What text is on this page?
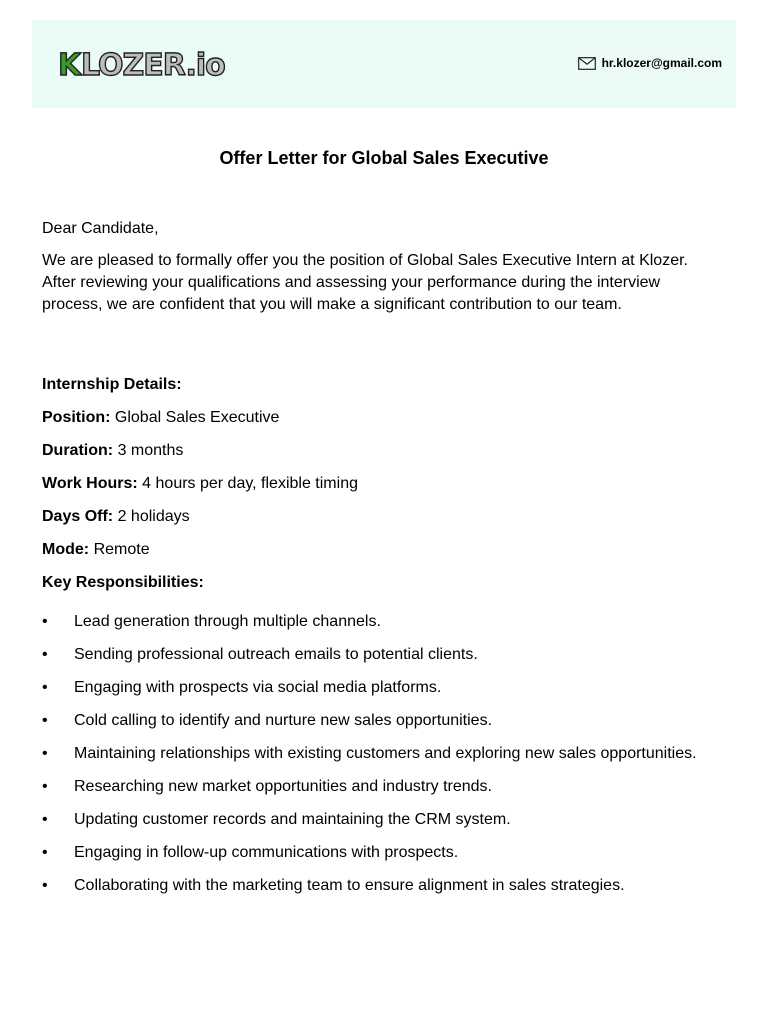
K LOZER.io	hr.klozer@gmail.com
Offer Letter for Global Sales Executive
Dear Candidate,
We are pleased to formally offer you the position of Global Sales Executive Intern at Klozer. After reviewing your qualifications and assessing your performance during the interview process, we are confident that you will make a significant contribution to our team.
Internship Details:
Position: Global Sales Executive
Duration: 3 months
Work Hours: 4 hours per day, flexible timing
Days Off: 2 holidays
Mode: Remote
Key Responsibilities:
• Lead generation through multiple channels.
• Sending professional outreach emails to potential clients.
• Engaging with prospects via social media platforms.
• Cold calling to identify and nurture new sales opportunities.
• Maintaining relationships with existing customers and exploring new sales opportunities.
• Researching new market opportunities and industry trends.
• Updating customer records and maintaining the CRM system.
• Engaging in follow-up communications with prospects.
• Collaborating with the marketing team to ensure alignment in sales strategies.
